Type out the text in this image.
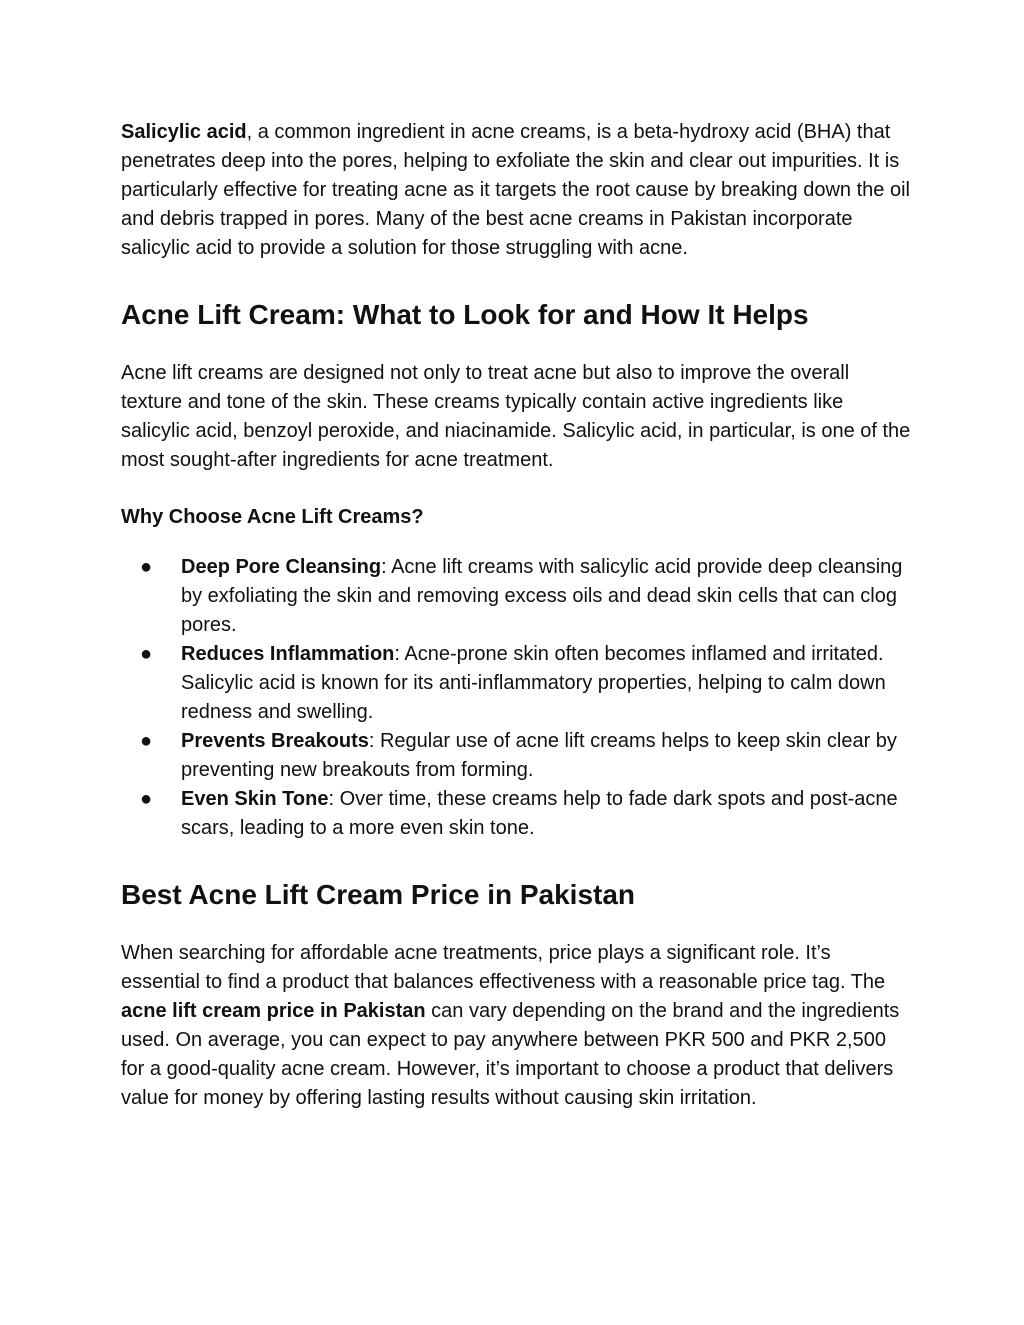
Salicylic acid, a common ingredient in acne creams, is a beta-hydroxy acid (BHA) that penetrates deep into the pores, helping to exfoliate the skin and clear out impurities. It is particularly effective for treating acne as it targets the root cause by breaking down the oil and debris trapped in pores. Many of the best acne creams in Pakistan incorporate salicylic acid to provide a solution for those struggling with acne.

Acne Lift Cream: What to Look for and How It Helps

Acne lift creams are designed not only to treat acne but also to improve the overall texture and tone of the skin. These creams typically contain active ingredients like salicylic acid, benzoyl peroxide, and niacinamide. Salicylic acid, in particular, is one of the most sought-after ingredients for acne treatment.

Why Choose Acne Lift Creams?
● Deep Pore Cleansing: Acne lift creams with salicylic acid provide deep cleansing by exfoliating the skin and removing excess oils and dead skin cells that can clog pores.
● Reduces Inflammation: Acne-prone skin often becomes inflamed and irritated. Salicylic acid is known for its anti-inflammatory properties, helping to calm down redness and swelling.
● Prevents Breakouts: Regular use of acne lift creams helps to keep skin clear by preventing new breakouts from forming.
● Even Skin Tone: Over time, these creams help to fade dark spots and post-acne scars, leading to a more even skin tone.
Best Acne Lift Cream Price in Pakistan

When searching for affordable acne treatments, price plays a significant role. It’s essential to find a product that balances effectiveness with a reasonable price tag. The acne lift cream price in Pakistan can vary depending on the brand and the ingredients used. On average, you can expect to pay anywhere between PKR 500 and PKR 2,500 for a good-quality acne cream. However, it’s important to choose a product that delivers value for money by offering lasting results without causing skin irritation.
